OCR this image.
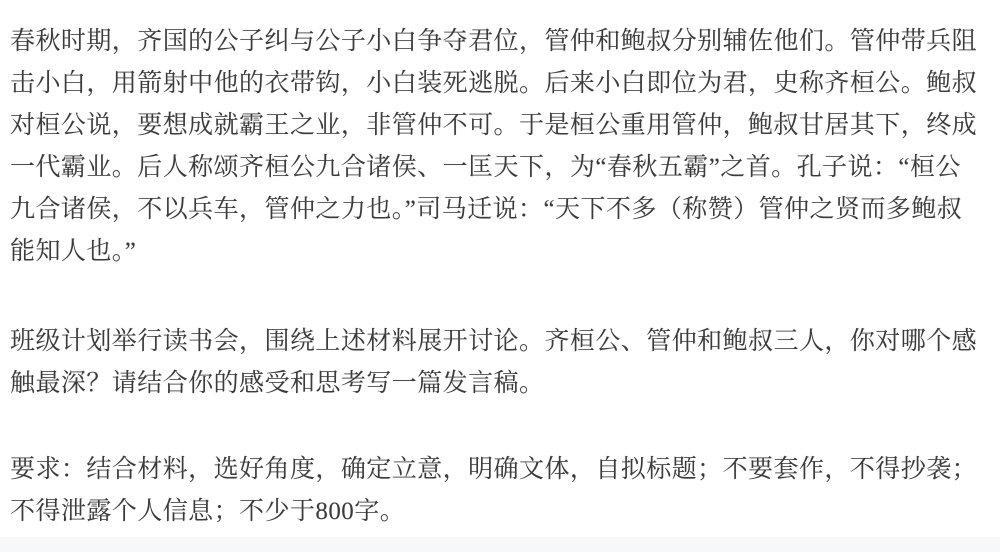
春秋时期，齐国的公子纠与公子小白争夺君位，管仲和鲍叔分别辅佐他们。管仲带兵阻
击小白，用箭射中他的衣带钩，小白装死逃脱。后来小白即位为君，史称齐桓公。鲍叔
对桓公说，要想成就霸王之业，非管仲不可。于是桓公重用管仲，鲍叔甘居其下，终成
一代霸业。后人称颂齐桓公九合诸侯、一匡天下，为“春秋五霸”之首。孔子说：“桓公
九合诸侯，不以兵车，管仲之力也。”司马迁说：“天下不多（称赞）管仲之贤而多鲍叔
能知人也。”
班级计划举行读书会，围绕上述材料展开讨论。齐桓公、管仲和鲍叔三人，你对哪个感
触最深？请结合你的感受和思考写一篇发言稿。
要求：结合材料，选好角度，确定立意，明确文体，自拟标题；不要套作，不得抄袭；
不得泄露个人信息；不少于800字。
